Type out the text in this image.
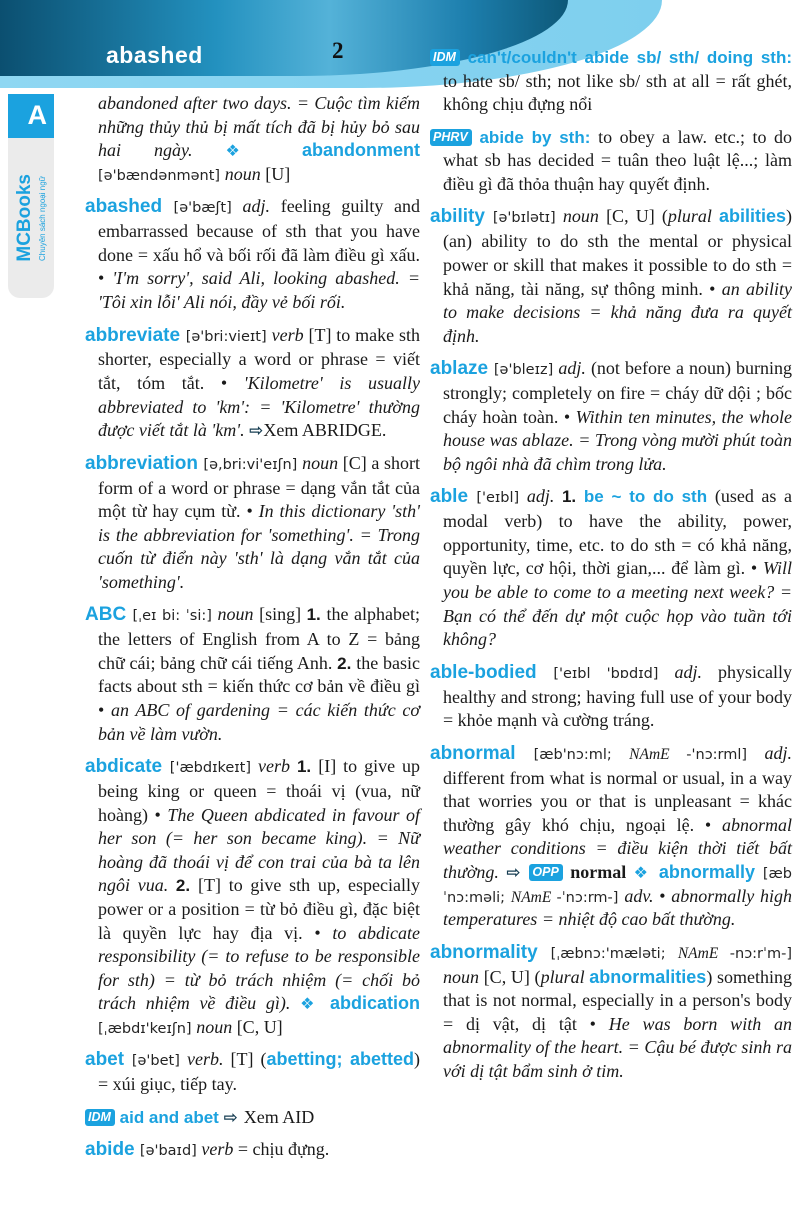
abashed	2
A
MCBooks Chuyên sách ngoại ngữ

abandoned after two days. = Cuộc tìm kiếm những thủy thủ bị mất tích đã bị hủy bỏ sau hai ngày. ❖ abandonment [ə'bændənmənt] noun [U]

abashed [ə'bæʃt] adj. feeling guilty and embarrassed because of sth that you have done = xấu hổ và bối rối đã làm điều gì xấu. • 'I'm sorry', said Ali, looking abashed. = 'Tôi xin lỗi' Ali nói, đầy vẻ bối rối.

abbreviate [ə'bri:vieɪt] verb [T] to make sth shorter, especially a word or phrase = viết tắt, tóm tắt. • 'Kilometre' is usually abbreviated to 'km': = 'Kilometre' thường được viết tắt là 'km'. ⇨Xem ABRIDGE.

abbreviation [ə,bri:vi'eɪʃn] noun [C] a short form of a word or phrase = dạng vắn tắt của một từ hay cụm từ. • In this dictionary 'sth' is the abbreviation for 'something'. = Trong cuốn từ điển này 'sth' là dạng vắn tắt của 'something'.

ABC [ˌeɪ bi: ˈsi:] noun [sing] 1. the alphabet; the letters of English from A to Z = bảng chữ cái; bảng chữ cái tiếng Anh. 2. the basic facts about sth = kiến thức cơ bản về điều gì • an ABC of gardening = các kiến thức cơ bản về làm vườn.

abdicate ['æbdɪkeɪt] verb 1. [I] to give up being king or queen = thoái vị (vua, nữ hoàng) • The Queen abdicated in favour of her son (= her son became king). = Nữ hoàng đã thoái vị để con trai của bà ta lên ngôi vua. 2. [T] to give sth up, especially power or a position = từ bỏ điều gì, đặc biệt là quyền lực hay địa vị. • to abdicate responsibility (= to refuse to be responsible for sth) = từ bỏ trách nhiệm (= chối bỏ trách nhiệm về điều gì). ❖ abdication [ˌæbdɪ'keɪʃn] noun [C, U]

abet [ə'bet] verb. [T] (abetting; abetted) = xúi giục, tiếp tay.

IDM aid and abet ⇨ Xem AID

abide [ə'baɪd] verb = chịu đựng.

IDM can't/couldn't abide sb/ sth/ doing sth: to hate sb/ sth; not like sb/ sth at all = rất ghét, không chịu đựng nổi

PHRV abide by sth: to obey a law. etc.; to do what sb has decided = tuân theo luật lệ...; làm điều gì đã thỏa thuận hay quyết định.

ability [ə'bɪlətɪ] noun [C, U] (plural abilities) (an) ability to do sth the mental or physical power or skill that makes it possible to do sth = khả năng, tài năng, sự thông minh. • an ability to make decisions = khả năng đưa ra quyết định.

ablaze [ə'bleɪz] adj. (not before a noun) burning strongly; completely on fire = cháy dữ dội ; bốc cháy hoàn toàn. • Within ten minutes, the whole house was ablaze. = Trong vòng mười phút toàn bộ ngôi nhà đã chìm trong lửa.

able ['eɪbl] adj. 1. be ~ to do sth (used as a modal verb) to have the ability, power, opportunity, time, etc. to do sth = có khả năng, quyền lực, cơ hội, thời gian,... để làm gì. • Will you be able to come to a meeting next week? = Bạn có thể đến dự một cuộc họp vào tuần tới không?

able-bodied ['eɪbl 'bɒdɪd] adj. physically healthy and strong; having full use of your body = khỏe mạnh và cường tráng.

abnormal [æb'nɔ:ml; NAmE -'nɔ:rml] adj. different from what is normal or usual, in a way that worries you or that is unpleasant = khác thường gây khó chịu, ngoại lệ. • abnormal weather conditions = điều kiện thời tiết bất thường. ⇨ OPP normal ❖ abnormally [æbˈnɔ:məli; NAmE -ˈnɔ:rm-] adv. • abnormally high temperatures = nhiệt độ cao bất thường.

abnormality [ˌæbnɔ:'mæləti; NAmE -nɔ:rˈm-] noun [C, U] (plural abnormalities) something that is not normal, especially in a person's body = dị vật, dị tật • He was born with an abnormality of the heart. = Cậu bé được sinh ra với dị tật bẩm sinh ở tim.
